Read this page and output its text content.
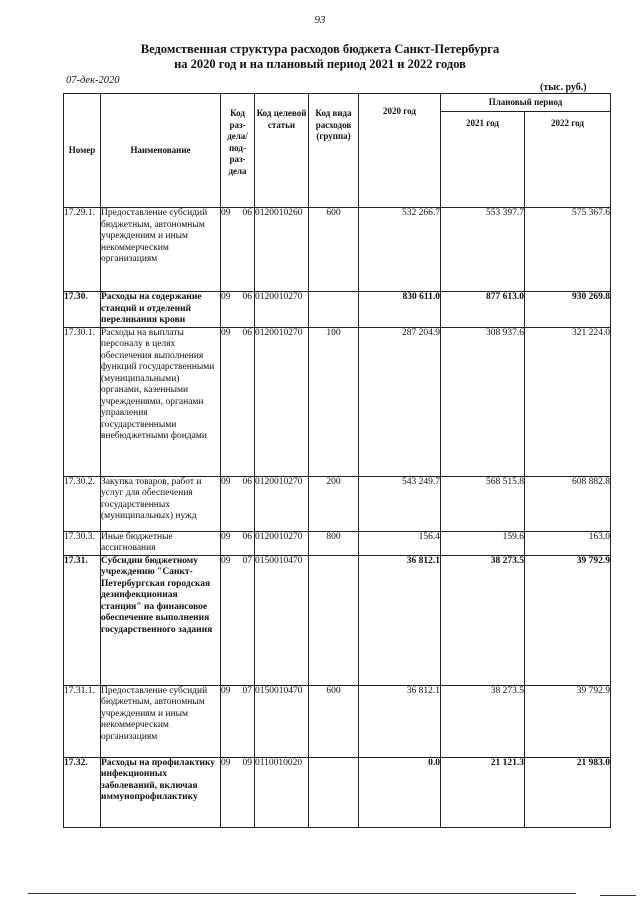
93
Ведомственная структура расходов бюджета Санкт-Петербурга
на 2020 год и на плановый период 2021 и 2022 годов
07-дек-2020
(тыс. руб.)
Номер	Наименование	Код раз-дела/ под-раз-дела	Код целевой статьи	Код вида расходов (группа)	2020 год	Плановый период	
						2021 год	2022 год
17.29.1.	Предоставление субсидий бюджетным, автономным учреждениям и иным некоммерческим организациям	09 06	0120010260	600	532 266.7	553 397.7	575 367.6
17.30.	Расходы на содержание станций и отделений переливания крови	09 06	0120010270		830 611.0	877 613.0	930 269.8
17.30.1.	Расходы на выплаты персоналу в целях обеспечения выполнения функций государственными (муниципальными) органами, казенными учреждениями, органами управления государственными внебюджетными фондами	09 06	0120010270	100	287 204.9	308 937.6	321 224.0
17.30.2.	Закупка товаров, работ и услуг для обеспечения государственных (муниципальных) нужд	09 06	0120010270	200	543 249.7	568 515.8	608 882.8
17.30.3.	Иные бюджетные ассигнования	09 06	0120010270	800	156.4	159.6	163.0
17.31.	Субсидии бюджетному учреждению "Санкт-Петербургская городская дезинфекционная станция" на финансовое обеспечение выполнения государственного задания	09 07	0150010470		36 812.1	38 273.5	39 792.9
17.31.1.	Предоставление субсидий бюджетным, автономным учреждениям и иным некоммерческим организациям	09 07	0150010470	600	36 812.1	38 273.5	39 792.9
17.32.	Расходы на профилактику инфекционных заболеваний, включая иммунопрофилактику	09 09	0110010020		0.0	21 121.3	21 983.0
